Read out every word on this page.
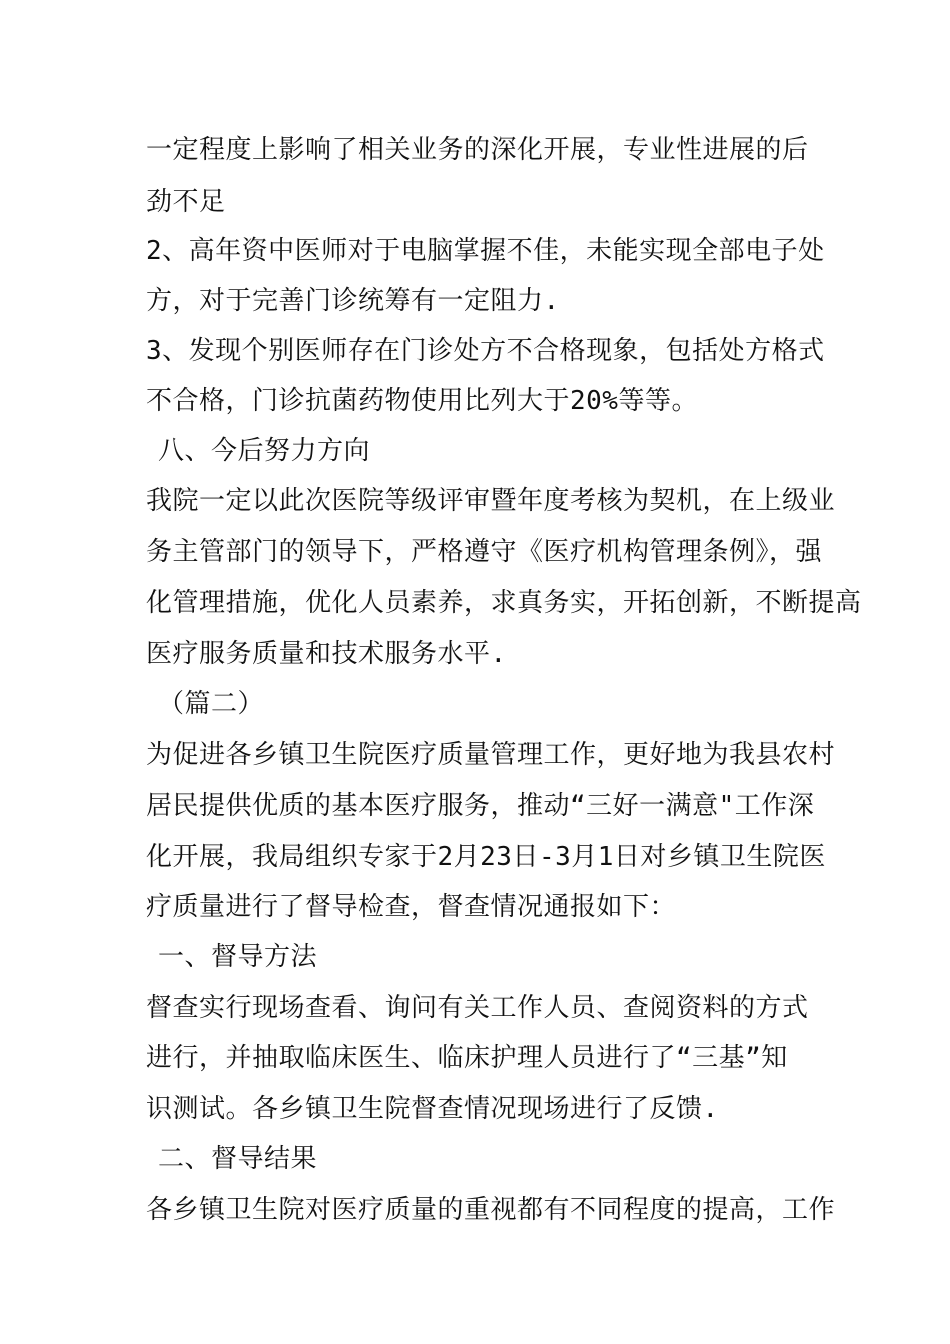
一定程度上影响了相关业务的深化开展，专业性进展的后
劲不足
2、高年资中医师对于电脑掌握不佳，未能实现全部电子处
方，对于完善门诊统筹有一定阻力.
3、发现个别医师存在门诊处方不合格现象，包括处方格式
不合格，门诊抗菌药物使用比列大于20%等等。
八、今后努力方向
我院一定以此次医院等级评审暨年度考核为契机，在上级业
务主管部门的领导下，严格遵守《医疗机构管理条例》，强
化管理措施，优化人员素养，求真务实，开拓创新，不断提高
医疗服务质量和技术服务水平.
（篇二）
为促进各乡镇卫生院医疗质量管理工作，更好地为我县农村
居民提供优质的基本医疗服务，推动“三好一满意"工作深
化开展，我局组织专家于2月23日-3月1日对乡镇卫生院医
疗质量进行了督导检查，督查情况通报如下：
一、督导方法
督查实行现场查看、询问有关工作人员、查阅资料的方式
进行，并抽取临床医生、临床护理人员进行了“三基”知
识测试。各乡镇卫生院督查情况现场进行了反馈.
二、督导结果
各乡镇卫生院对医疗质量的重视都有不同程度的提高，工作
